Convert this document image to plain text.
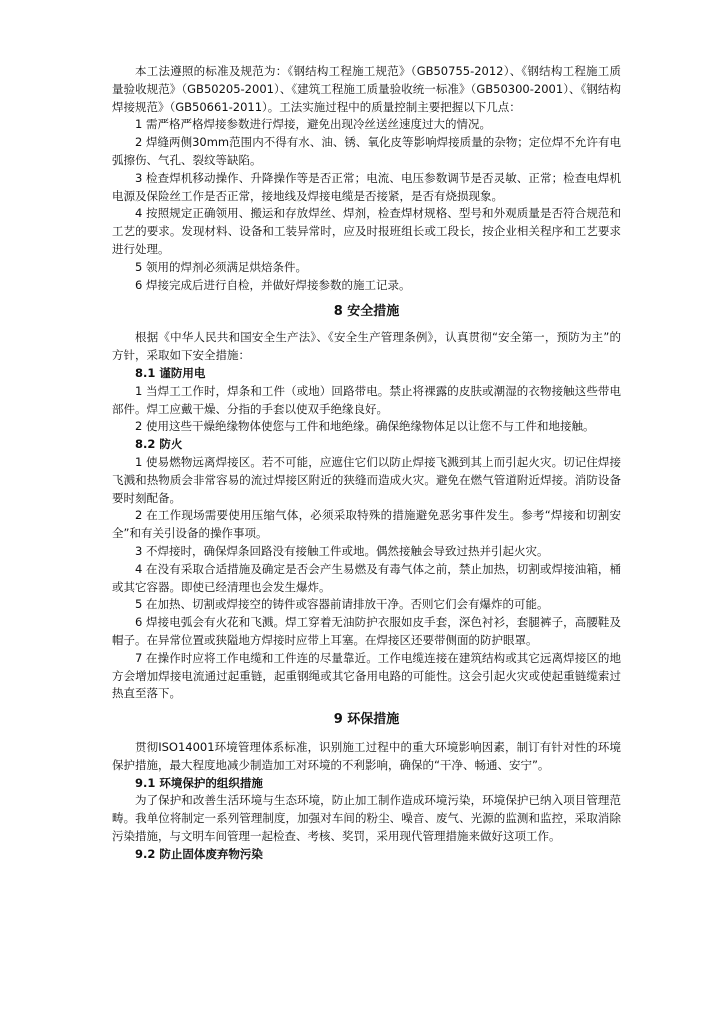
本工法遵照的标准及规范为：《钢结构工程施工规范》（GB50755-2012）、《钢结构工程施工质量验收规范》（GB50205-2001）、《建筑工程施工质量验收统一标准》（GB50300-2001）、《钢结构焊接规范》（GB50661-2011）。工法实施过程中的质量控制主要把握以下几点：

1 需严格严格焊接参数进行焊接，避免出现冷丝送丝速度过大的情况。

2 焊缝两侧30mm范围内不得有水、油、锈、氧化皮等影响焊接质量的杂物；定位焊不允许有电弧擦伤、气孔、裂纹等缺陷。

3 检查焊机移动操作、升降操作等是否正常；电流、电压参数调节是否灵敏、正常；检查电焊机电源及保险丝工作是否正常，接地线及焊接电缆是否接紧，是否有烧损现象。

4 按照规定正确领用、搬运和存放焊丝、焊剂，检查焊材规格、型号和外观质量是否符合规范和工艺的要求。发现材料、设备和工装异常时，应及时报班组长或工段长，按企业相关程序和工艺要求进行处理。

5 领用的焊剂必须满足烘焙条件。

6 焊接完成后进行自检，并做好焊接参数的施工记录。

8 安全措施

根据《中华人民共和国安全生产法》、《安全生产管理条例》，认真贯彻“安全第一，预防为主”的方针，采取如下安全措施：

8.1 谨防用电

1 当焊工工作时，焊条和工件（或地）回路带电。禁止将裸露的皮肤或潮湿的衣物接触这些带电部件。焊工应戴干燥、分指的手套以使双手绝缘良好。

2 使用这些干燥绝缘物体使您与工件和地绝缘。确保绝缘物体足以让您不与工件和地接触。

8.2 防火

1 使易燃物远离焊接区。若不可能，应遮住它们以防止焊接飞溅到其上而引起火灾。切记住焊接飞溅和热物质会非常容易的流过焊接区附近的狭缝而造成火灾。避免在燃气管道附近焊接。消防设备要时刻配备。

2 在工作现场需要使用压缩气体，必须采取特殊的措施避免恶劣事件发生。参考“焊接和切割安全”和有关引设备的操作事项。

3 不焊接时，确保焊条回路没有接触工件或地。偶然接触会导致过热并引起火灾。

4 在没有采取合适措施及确定是否会产生易燃及有毒气体之前，禁止加热，切割或焊接油箱，桶或其它容器。即使已经清理也会发生爆炸。

5 在加热、切割或焊接空的铸件或容器前请排放干净。否则它们会有爆炸的可能。

6 焊接电弧会有火花和飞溅。焊工穿着无油防护衣服如皮手套，深色衬衫，套腿裤子，高腰鞋及帽子。在异常位置或狭隘地方焊接时应带上耳塞。在焊接区还要带侧面的防护眼罩。

7 在操作时应将工作电缆和工件连的尽量靠近。工作电缆连接在建筑结构或其它远离焊接区的地方会增加焊接电流通过起重链，起重钢绳或其它备用电路的可能性。这会引起火灾或使起重链缆索过热直至落下。

9 环保措施

贯彻ISO14001环境管理体系标准，识别施工过程中的重大环境影响因素，制订有针对性的环境保护措施，最大程度地减少制造加工对环境的不利影响，确保的“干净、畅通、安宁”。

9.1 环境保护的组织措施

为了保护和改善生活环境与生态环境，防止加工制作造成环境污染，环境保护已纳入项目管理范畴。我单位将制定一系列管理制度，加强对车间的粉尘、噪音、废气、光源的监测和监控，采取消除污染措施，与文明车间管理一起检查、考核、奖罚，采用现代管理措施来做好这项工作。

9.2 防止固体废弃物污染
